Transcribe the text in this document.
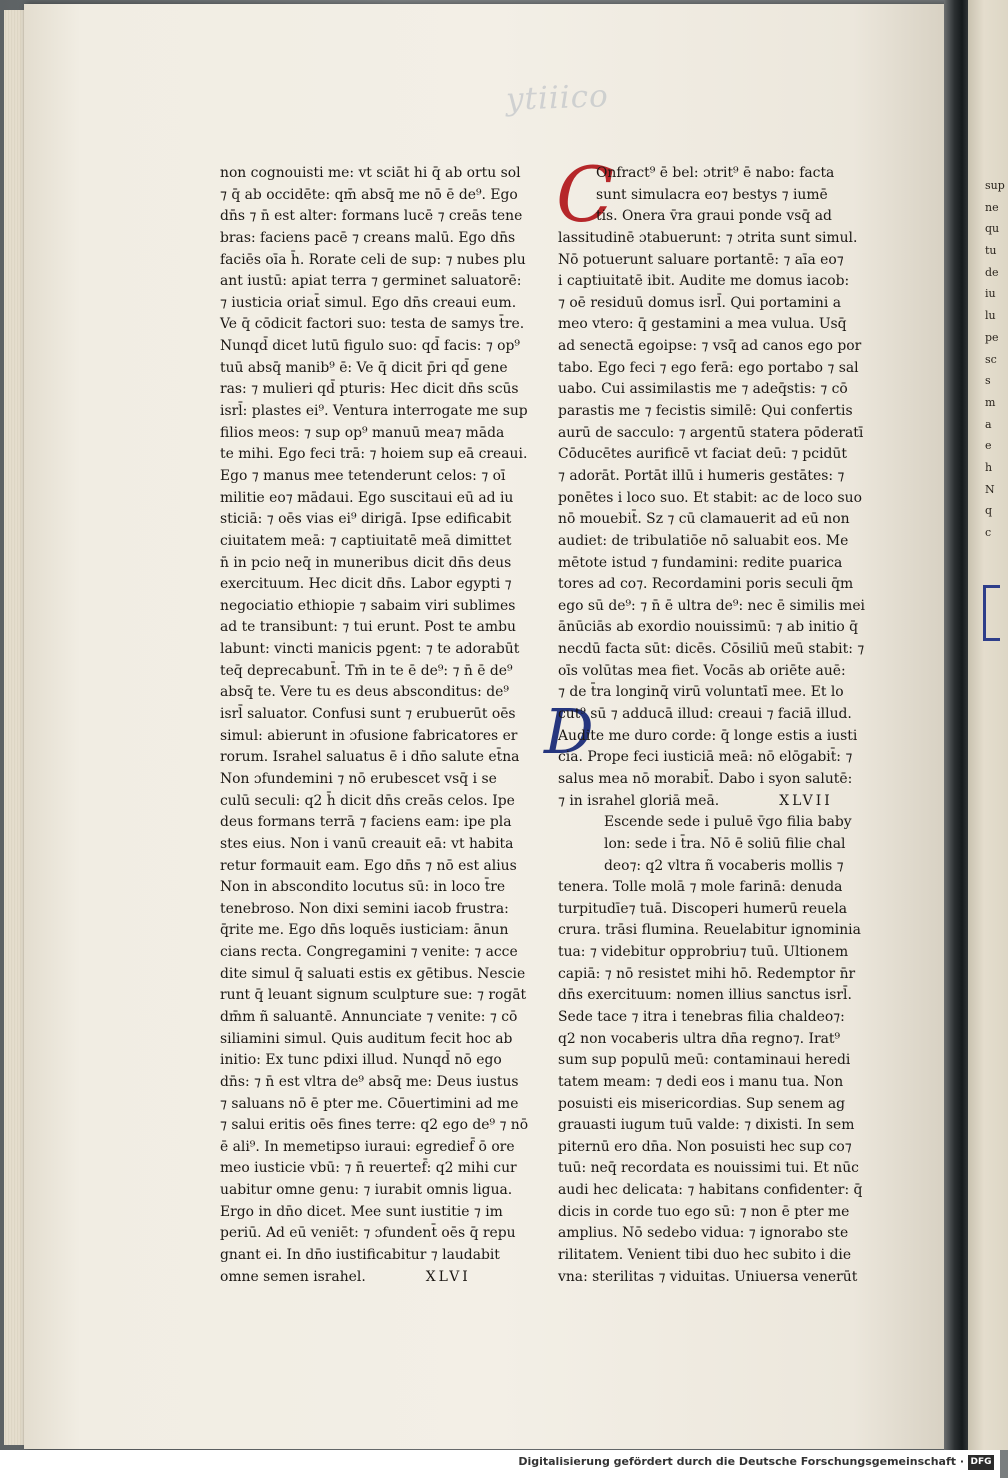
ytiiico
non cognouisti me: vt sciāt hi q̄ ab ortu sol
⁊ q̄ ab occidēte: qm̄ absq̄ me nō ē de⁹. Ego
dn̄s ⁊ n̄ est alter: formans lucē ⁊ creās tene
bras: faciens pacē ⁊ creans malū. Ego dn̄s
faciēs oīa h̄. Rorate celi de sup: ⁊ nubes plu
ant iustū: apiat terra ⁊ germinet saluatorē:
⁊ iusticia oriat̄ simul. Ego dn̄s creaui eum.
Ve q̄ cōdicit factori suo: testa de samys t̄re.
Nunqd̄ dicet lutū figulo suo: qd̄ facis: ⁊ op⁹
tuū absq̄ manib⁹ ē: Ve q̄ dicit p̄ri qd̄ gene
ras: ⁊ mulieri qd̄ pturis: Hec dicit dn̄s scūs
isrl̄: plastes ei⁹. Ventura interrogate me sup
filios meos: ⁊ sup op⁹ manuū mea⁊ māda
te mihi. Ego feci trā: ⁊ hoiem sup eā creaui.
Ego ⁊ manus mee tetenderunt celos: ⁊ oī
militie eo⁊ mādaui. Ego suscitaui eū ad iu
sticiā: ⁊ oēs vias ei⁹ dirigā. Ipse edificabit
ciuitatem meā: ⁊ captiuitatē meā dimittet
n̄ in pcio neq̄ in muneribus dicit dn̄s deus
exercituum. Hec dicit dn̄s. Labor egypti ⁊
negociatio ethiopie ⁊ sabaim viri sublimes
ad te transibunt: ⁊ tui erunt. Post te ambu
labunt: vincti manicis pgent: ⁊ te adorabūt
teq̄ deprecabunt̄. Tm̄ in te ē de⁹: ⁊ n̄ ē de⁹
absq̄ te. Vere tu es deus absconditus: de⁹
isrl̄ saluator. Confusi sunt ⁊ erubuerūt oēs
simul: abierunt in ɔfusione fabricatores er
rorum. Israhel saluatus ē i dn̄o salute et̄na
Non ɔfundemini ⁊ nō erubescet vsq̄ i se
culū seculi: q2 h̄ dicit dn̄s creās celos. Ipe
deus formans terrā ⁊ faciens eam: ipe pla
stes eius. Non i vanū creauit eā: vt habita
retur formauit eam. Ego dn̄s ⁊ nō est alius
Non in abscondito locutus sū: in loco t̄re
tenebroso. Non dixi semini iacob frustra:
q̄rite me. Ego dn̄s loquēs iusticiam: ānun
cians recta. Congregamini ⁊ venite: ⁊ acce
dite simul q̄ saluati estis ex gētibus. Nescie
runt q̄ leuant signum sculpture sue: ⁊ rogāt
dm̄m ñ saluantē. Annunciate ⁊ venite: ⁊ cō
siliamini simul. Quis auditum fecit hoc ab
initio: Ex tunc pdixi illud. Nunqd̄ nō ego
dn̄s: ⁊ n̄ est vltra de⁹ absq̄ me: Deus iustus
⁊ saluans nō ē pter me. Cōuertimini ad me
⁊ salui eritis oēs fines terre: q2 ego de⁹ ⁊ nō
ē ali⁹. In memetipso iuraui: egredief̄ ō ore
meo iusticie vbū: ⁊ n̄ reuertef̄: q2 mihi cur
uabitur omne genu: ⁊ iurabit omnis ligua.
Ergo in dn̄o dicet. Mee sunt iustitie ⁊ im
periū. Ad eū veniēt: ⁊ ɔfundent̄ oēs q̄ repu
gnant ei. In dn̄o iustificabitur ⁊ laudabit
omne semen israhel.	XLVI
C
D
Onfract⁹ ē bel: ɔtrit⁹ ē nabo: facta
sunt simulacra eo⁊ bestys ⁊ iumē
tis. Onera v̄ra graui ponde vsq̄ ad
lassitudinē ɔtabuerunt: ⁊ ɔtrita sunt simul.
Nō potuerunt saluare portantē: ⁊ aīa eo⁊
i captiuitatē ibit. Audite me domus iacob:
⁊ oē residuū domus isrl̄. Qui portamini a
meo vtero: q̄ gestamini a mea vulua. Usq̄
ad senectā egoipse: ⁊ vsq̄ ad canos ego por
tabo. Ego feci ⁊ ego ferā: ego portabo ⁊ sal
uabo. Cui assimilastis me ⁊ adeq̄stis: ⁊ cō
parastis me ⁊ fecistis similē: Qui confertis
aurū de sacculo: ⁊ argentū statera pōderatī
Cōducētes aurificē vt faciat deū: ⁊ pcidūt
⁊ adorāt. Portāt illū i humeris gestātes: ⁊
ponētes i loco suo. Et stabit: ac de loco suo
nō mouebit̄. Sz ⁊ cū clamauerit ad eū non
audiet: de tribulatiōe nō saluabit eos. Me
mētote istud ⁊ fundamini: redite puarica
tores ad co⁊. Recordamini poris seculi q̄m
ego sū de⁹: ⁊ n̄ ē ultra de⁹: nec ē similis mei
ānūciās ab exordio nouissimū: ⁊ ab initio q̄
necdū facta sūt: dicēs. Cōsiliū meū stabit: ⁊
oīs volūtas mea fiet. Vocās ab oriēte auē:
⁊ de t̄ra longinq̄ virū voluntatī mee. Et lo
cut⁹ sū ⁊ adducā illud: creaui ⁊ faciā illud.
Audite me duro corde: q̄ longe estis a iusti
cia. Prope feci iusticiā meā: nō elōgabit̄: ⁊
salus mea nō morabit̄. Dabo i syon salutē:
⁊ in israhel gloriā meā.	XLVII
Escende sede i puluē v̄go filia baby
lon: sede i t̄ra. Nō ē soliū filie chal
deo⁊: q2 vltra ñ vocaberis mollis ⁊
tenera. Tolle molā ⁊ mole farinā: denuda
turpitudīe⁊ tuā. Discoperi humerū reuela
crura. trāsi flumina. Reuelabitur ignominia
tua: ⁊ videbitur opprobriu⁊ tuū. Ultionem
capiā: ⁊ nō resistet mihi hō. Redemptor n̄r
dn̄s exercituum: nomen illius sanctus isrl̄.
Sede tace ⁊ itra i tenebras filia chaldeo⁊:
q2 non vocaberis ultra dn̄a regno⁊. Irat⁹
sum sup populū meū: contaminaui heredi
tatem meam: ⁊ dedi eos i manu tua. Non
posuisti eis misericordias. Sup senem ag
grauasti iugum tuū valde: ⁊ dixisti. In sem
piternū ero dn̄a. Non posuisti hec sup co⁊
tuū: neq̄ recordata es nouissimi tui. Et nūc
audi hec delicata: ⁊ habitans confidenter: q̄
dicis in corde tuo ego sū: ⁊ non ē pter me
amplius. Nō sedebo vidua: ⁊ ignorabo ste
rilitatem. Venient tibi duo hec subito i die
vna: sterilitas ⁊ viduitas. Uniuersa venerūt
sup
ne
qu
tu
de
iu
lu
pe
sc
s
m
a
e
h
N
q
c
Digitalisierung gefördert durch die Deutsche Forschungsgemeinschaft · DFG
